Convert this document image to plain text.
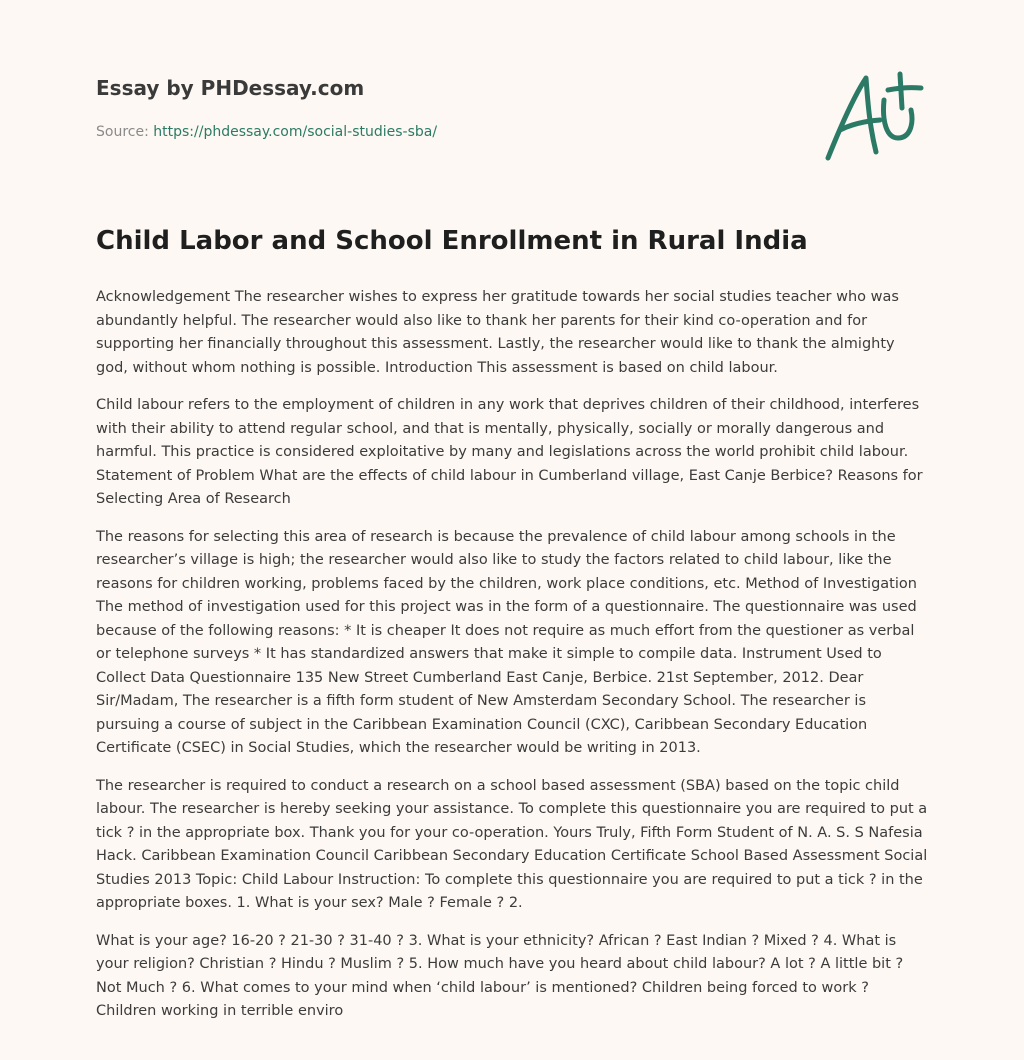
Essay by PHDessay.com
Source: https://phdessay.com/social-studies-sba/
Child Labor and School Enrollment in Rural India

Acknowledgement The researcher wishes to express her gratitude towards her social studies teacher who was abundantly helpful. The researcher would also like to thank her parents for their kind co-operation and for supporting her financially throughout this assessment. Lastly, the researcher would like to thank the almighty god, without whom nothing is possible. Introduction This assessment is based on child labour.

Child labour refers to the employment of children in any work that deprives children of their childhood, interferes with their ability to attend regular school, and that is mentally, physically, socially or morally dangerous and harmful. This practice is considered exploitative by many and legislations across the world prohibit child labour. Statement of Problem What are the effects of child labour in Cumberland village, East Canje Berbice? Reasons for Selecting Area of Research

The reasons for selecting this area of research is because the prevalence of child labour among schools in the researcher’s village is high; the researcher would also like to study the factors related to child labour, like the reasons for children working, problems faced by the children, work place conditions, etc. Method of Investigation The method of investigation used for this project was in the form of a questionnaire. The questionnaire was used because of the following reasons: * It is cheaper It does not require as much effort from the questioner as verbal or telephone surveys * It has standardized answers that make it simple to compile data. Instrument Used to Collect Data Questionnaire 135 New Street Cumberland East Canje, Berbice. 21st September, 2012. Dear Sir/Madam, The researcher is a fifth form student of New Amsterdam Secondary School. The researcher is pursuing a course of subject in the Caribbean Examination Council (CXC), Caribbean Secondary Education Certificate (CSEC) in Social Studies, which the researcher would be writing in 2013.

The researcher is required to conduct a research on a school based assessment (SBA) based on the topic child labour. The researcher is hereby seeking your assistance. To complete this questionnaire you are required to put a tick ? in the appropriate box. Thank you for your co-operation. Yours Truly, Fifth Form Student of N. A. S. S Nafesia Hack. Caribbean Examination Council Caribbean Secondary Education Certificate School Based Assessment Social Studies 2013 Topic: Child Labour Instruction: To complete this questionnaire you are required to put a tick ? in the appropriate boxes. 1. What is your sex? Male ? Female ? 2.

What is your age? 16-20 ? 21-30 ? 31-40 ? 3. What is your ethnicity? African ? East Indian ? Mixed ? 4. What is your religion? Christian ? Hindu ? Muslim ? 5. How much have you heard about child labour? A lot ? A little bit ? Not Much ? 6. What comes to your mind when ‘child labour’ is mentioned? Children being forced to work ? Children working in terrible enviro
